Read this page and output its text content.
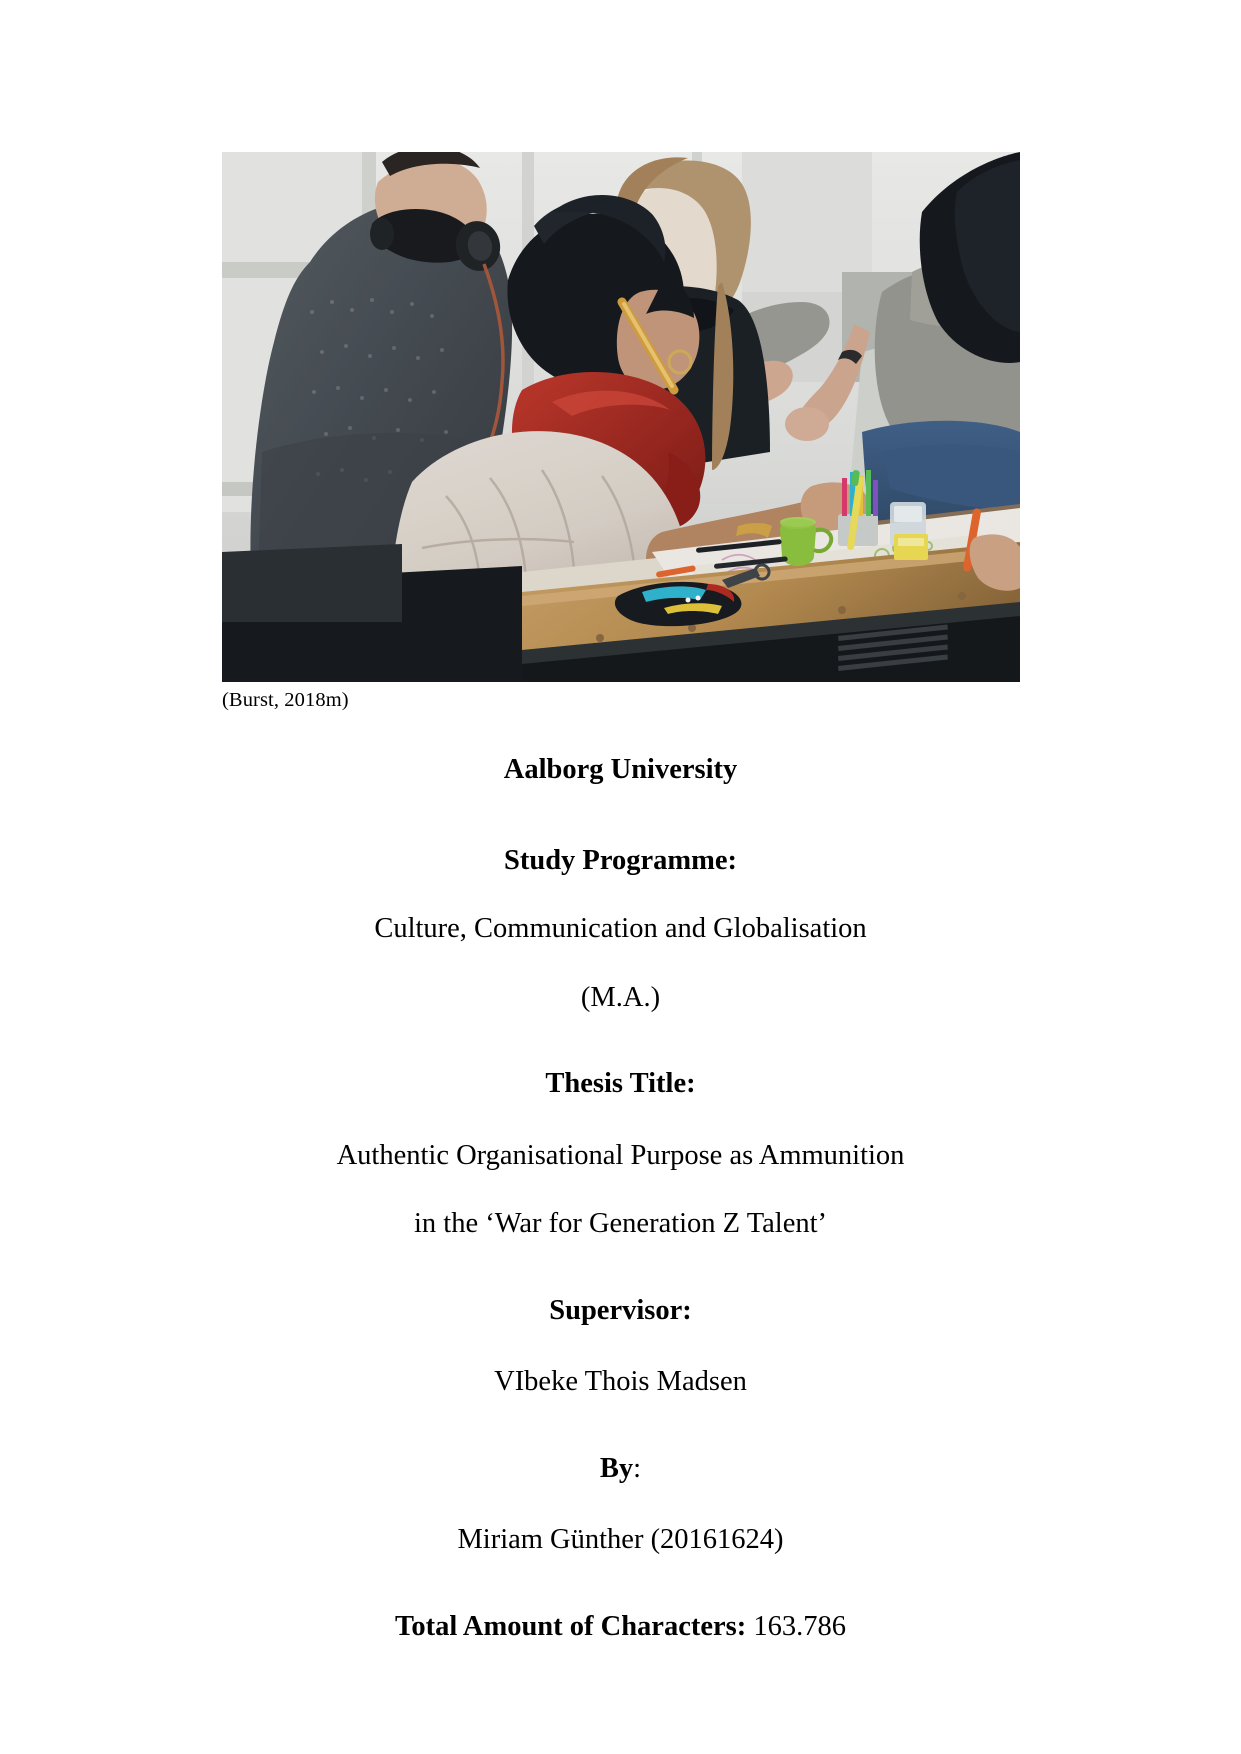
(Burst, 2018m)
Aalborg University
Study Programme:
Culture, Communication and Globalisation
(M.A.)
Thesis Title:
Authentic Organisational Purpose as Ammunition
in the ‘War for Generation Z Talent’
Supervisor:
VIbeke Thois Madsen
By:
Miriam Günther (20161624)
Total Amount of Characters: 163.786
